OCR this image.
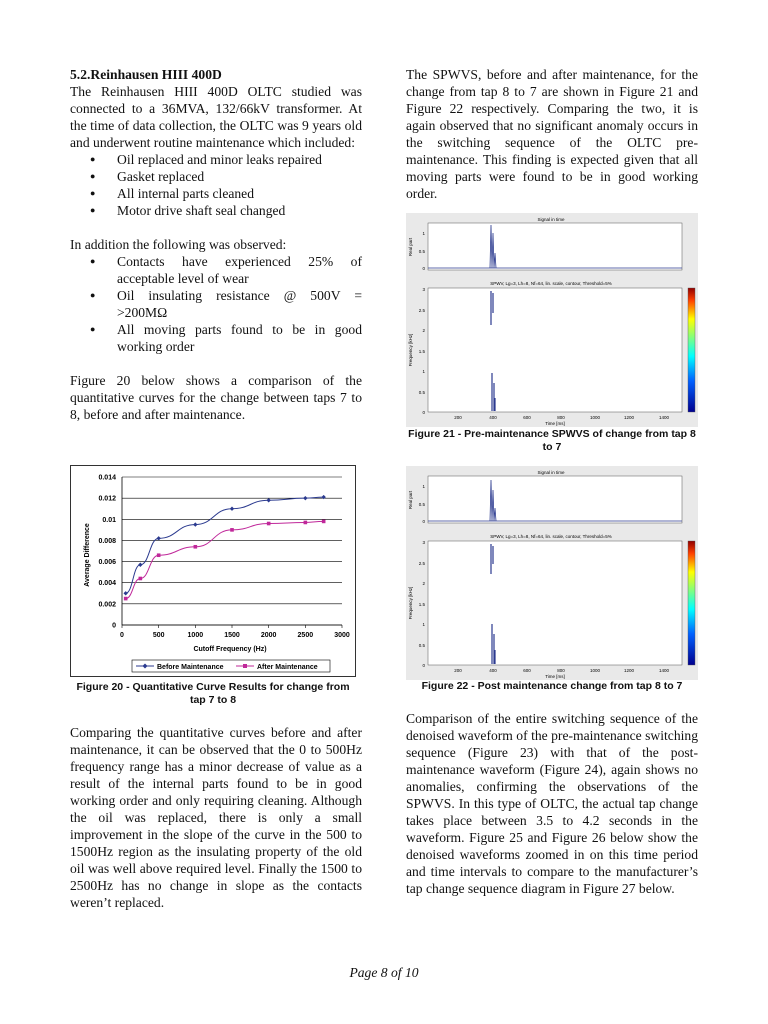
5.2.Reinhausen HIII 400D

The Reinhausen HIII 400D OLTC studied was connected to a 36MVA, 132/66kV transformer. At the time of data collection, the OLTC was 9 years old and underwent routine maintenance which included:

● Oil replaced and minor leaks repaired
● Gasket replaced
● All internal parts cleaned
● Motor drive shaft seal changed

In addition the following was observed:

● Contacts have experienced 25% of acceptable level of wear
● Oil insulating resistance @ 500V = >200MΩ
● All moving parts found to be in good working order

Figure 20 below shows a comparison of the quantitative curves for the change between taps 7 to 8, before and after maintenance.

0
0.002
0.004
0.006
0.008
0.01
0.012
0.014
0	500	1000	1500	2000	2500	3000
Average Difference
Cutoff Frequency (Hz)
Before Maintenance	After Maintenance
Figure 20 - Quantitative Curve Results for change from tap 7 to 8

Comparing the quantitative curves before and after maintenance, it can be observed that the 0 to 500Hz frequency range has a minor decrease of value as a result of the internal parts found to be in good working order and only requiring cleaning. Although the oil was replaced, there is only a small improvement in the slope of the curve in the 500 to 1500Hz region as the insulating property of the old oil was well above required level. Finally the 1500 to 2500Hz has no change in slope as the contacts weren’t replaced.

The SPWVS, before and after maintenance, for the change from tap 8 to 7 are shown in Figure 21 and Figure 22 respectively. Comparing the two, it is again observed that no significant anomaly occurs in the switching sequence of the OLTC pre-maintenance. This finding is expected given that all moving parts were found to be in good working order.

Signal in time
Real part
1
0.5
0
SPWV, Lg=3, Lh=8, Nf=64, lin. scale, contour, Threshold=5%
Frequency [kHz]
3
2.5
2
1.5
1
0.5
0
200	400	600	800	1000	1200	1400
Time [ms]
Figure 21 - Pre-maintenance SPWVS of change from tap 8 to 7
Signal in time
Real part
1
0.5
0
SPWV, Lg=3, Lh=8, Nf=64, lin. scale, contour, Threshold=5%
Frequency [kHz]
3
2.5
2
1.5
1
0.5
0
200	400	600	800	1000	1200	1400
Time [ms]
Figure 22 - Post maintenance change from tap 8 to 7

Comparison of the entire switching sequence of the denoised waveform of the pre-maintenance switching sequence (Figure 23) with that of the post-maintenance waveform (Figure 24), again shows no anomalies, confirming the observations of the SPWVS. In this type of OLTC, the actual tap change takes place between 3.5 to 4.2 seconds in the waveform. Figure 25 and Figure 26 below show the denoised waveforms zoomed in on this time period and time intervals to compare to the manufacturer’s tap change sequence diagram in Figure 27 below.

Page 8 of 10
